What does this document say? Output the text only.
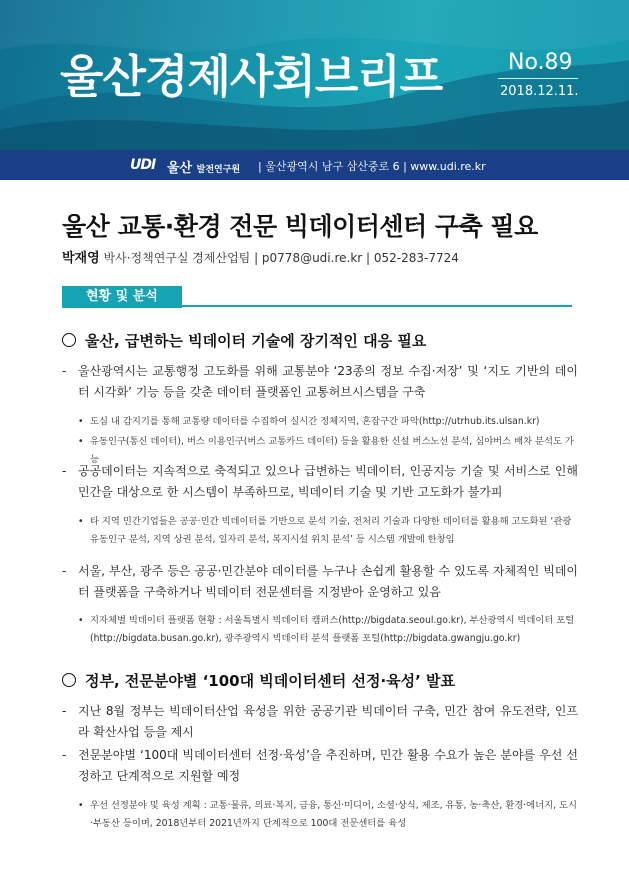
울산경제사회브리프	No.89
2018.12.11.
UDI 울산 발전연구원 | 울산광역시 남구 삼산중로 6 | www.udi.re.kr
울산 교통·환경 전문 빅데이터센터 구축 필요
박재영 박사·정책연구실 경제산업팀 | p0778@udi.re.kr | 052-283-7724
현황 및 분석
울산, 급변하는 빅데이터 기술에 장기적인 대응 필요
- 울산광역시는 교통행정 고도화를 위해 교통분야 ‘23종의 정보 수집·저장’ 및 ‘지도 기반의 데이터 시각화’ 기능 등을 갖춘 데이터 플랫폼인 교통허브시스템을 구축
• 도심 내 감지기를 통해 교통량 데이터를 수집하여 실시간 정체지역, 혼잡구간 파악(http://utrhub.its.ulsan.kr)
• 유동인구(통신 데이터), 버스 이용인구(버스 교통카드 데이터) 등을 활용한 신설 버스노선 분석, 심야버스 배차 분석도 가능
- 공공데이터는 지속적으로 축적되고 있으나 급변하는 빅데이터, 인공지능 기술 및 서비스로 인해 민간을 대상으로 한 시스템이 부족하므로, 빅데이터 기술 및 기반 고도화가 불가피
• 타 지역 민간기업들은 공공·민간 빅데이터를 기반으로 분석 기술, 전처리 기술과 다양한 데이터를 활용해 고도화된 ‘관광 유동인구 분석, 지역 상권 분석, 일자리 분석, 복지시설 위치 분석’ 등 시스템 개발에 한창임
- 서울, 부산, 광주 등은 공공·민간분야 데이터를 누구나 손쉽게 활용할 수 있도록 자체적인 빅데이터 플랫폼을 구축하거나 빅데이터 전문센터를 지정받아 운영하고 있음
• 지자체별 빅데이터 플랫폼 현황 : 서울특별시 빅데이터 캠퍼스(http://bigdata.seoul.go.kr), 부산광역시 빅데이터 포털(http://bigdata.busan.go.kr), 광주광역시 빅데이터 분석 플랫폼 포털(http://bigdata.gwangju.go.kr)
정부, 전문분야별 ‘100대 빅데이터센터 선정·육성’ 발표
- 지난 8월 정부는 빅데이터산업 육성을 위한 공공기관 빅데이터 구축, 민간 참여 유도전략, 인프라 확산사업 등을 제시
- 전문분야별 ‘100대 빅데이터센터 선정·육성’을 추진하며, 민간 활용 수요가 높은 분야를 우선 선정하고 단계적으로 지원할 예정
• 우선 선정분야 및 육성 계획 : 교통·물류, 의료·복지, 금융, 통신·미디어, 소셜·상식, 제조, 유통, 농·축산, 환경·에너지, 도시·부동산 등이며, 2018년부터 2021년까지 단계적으로 100대 전문센터를 육성
